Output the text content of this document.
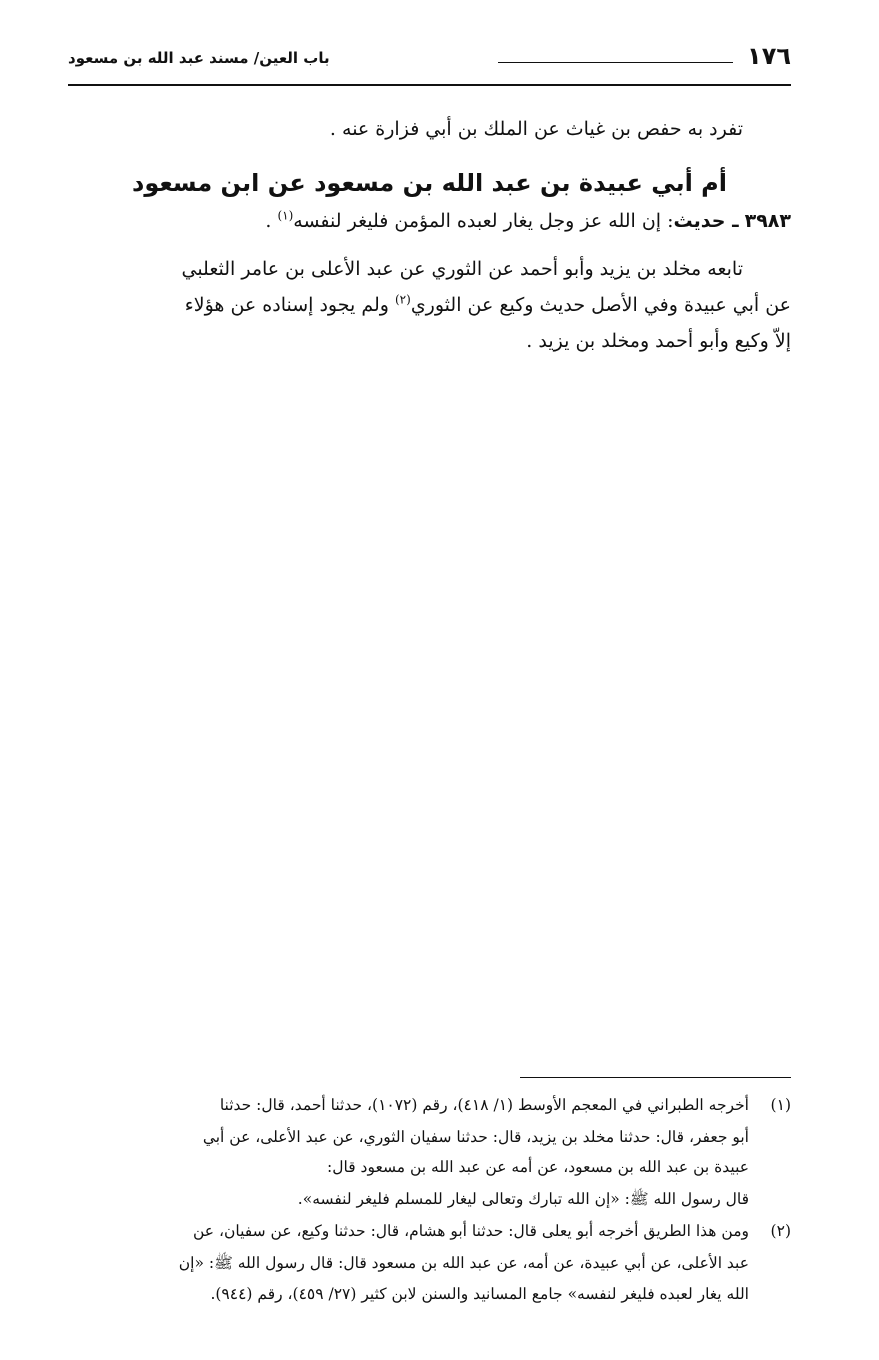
١٧٦
باب العين/ مسند عبد الله بن مسعود
تفرد به حفص بن غياث عن الملك بن أبي فزارة عنه .
أم أبي عبيدة بن عبد الله بن مسعود عن ابن مسعود
٣٩٨٣ ـ حديث: إن الله عز وجل يغار لعبده المؤمن فليغر لنفسه$^{(١)}$ .
تابعه مخلد بن يزيد وأبو أحمد عن الثوري عن عبد الأعلى بن عامر الثعلبي
عن أبي عبيدة وفي الأصل حديث وكيع عن الثوري$^{(٢)}$ ولم يجود إسناده عن هؤلاء
إلاّ وكيع وأبو أحمد ومخلد بن يزيد .
(١)
أخرجه الطبراني في المعجم الأوسط (١/ ٤١٨)، رقم (١٠٧٢)، حدثنا أحمد، قال: حدثنا
أبو جعفر، قال: حدثنا مخلد بن يزيد، قال: حدثنا سفيان الثوري، عن عبد الأعلى، عن أبي
عبيدة بن عبد الله بن مسعود، عن أمه عن عبد الله بن مسعود قال:
قال رسول الله ﷺ: «إن الله تبارك وتعالى ليغار للمسلم فليغر لنفسه».
(٢)
ومن هذا الطريق أخرجه أبو يعلى قال: حدثنا أبو هشام، قال: حدثنا وكيع، عن سفيان، عن
عبد الأعلى، عن أبي عبيدة، عن أمه، عن عبد الله بن مسعود قال: قال رسول الله ﷺ: «إن
الله يغار لعبده فليغر لنفسه» جامع المسانيد والسنن لابن كثير (٢٧/ ٤٥٩)، رقم (٩٤٤).
